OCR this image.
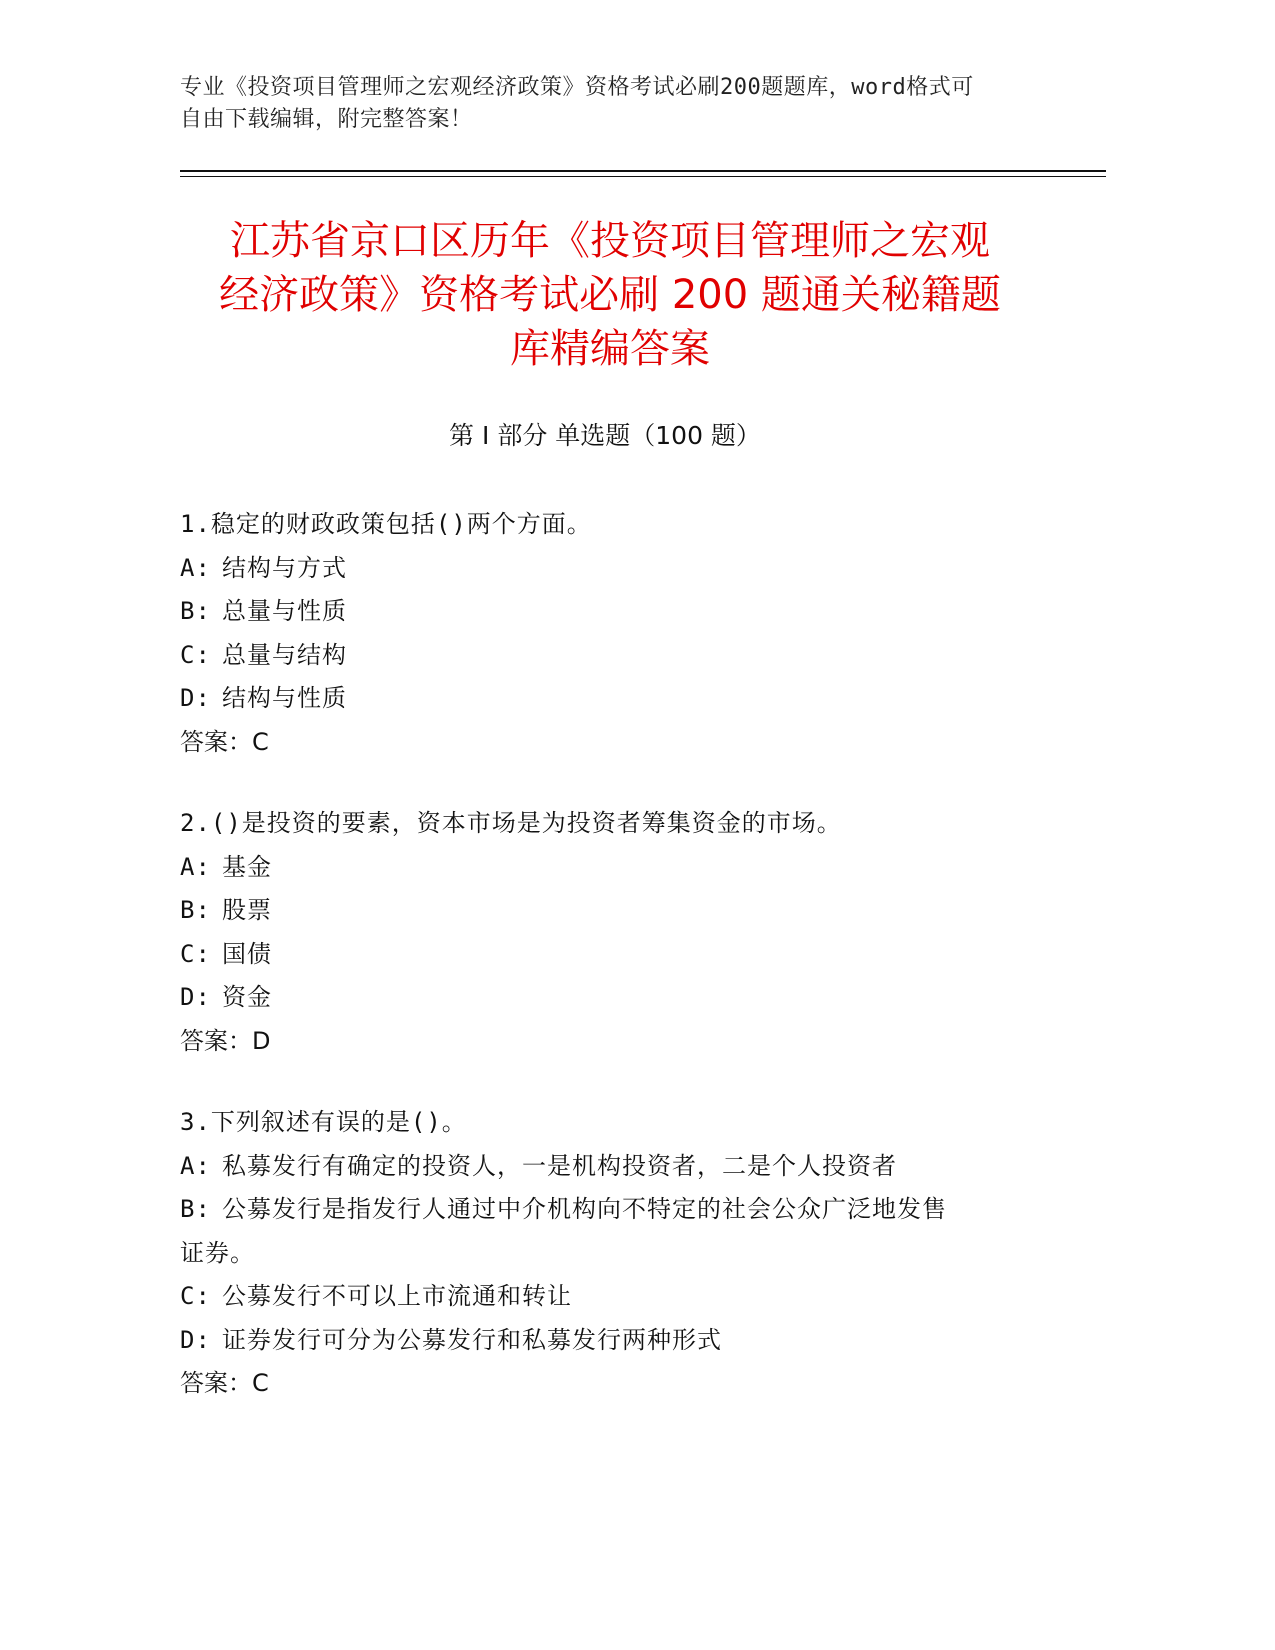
专业《投资项目管理师之宏观经济政策》资格考试必刷200题题库，word格式可
自由下载编辑，附完整答案！
江苏省京口区历年《投资项目管理师之宏观
经济政策》资格考试必刷 200 题通关秘籍题
库精编答案
第 I 部分 单选题（100 题）
1.稳定的财政政策包括()两个方面。
A: 结构与方式
B: 总量与性质
C: 总量与结构
D: 结构与性质
答案：C
2.()是投资的要素，资本市场是为投资者筹集资金的市场。
A: 基金
B: 股票
C: 国债
D: 资金
答案：D
3.下列叙述有误的是()。
A: 私募发行有确定的投资人，一是机构投资者，二是个人投资者
B: 公募发行是指发行人通过中介机构向不特定的社会公众广泛地发售
证券。
C: 公募发行不可以上市流通和转让
D: 证券发行可分为公募发行和私募发行两种形式
答案：C
